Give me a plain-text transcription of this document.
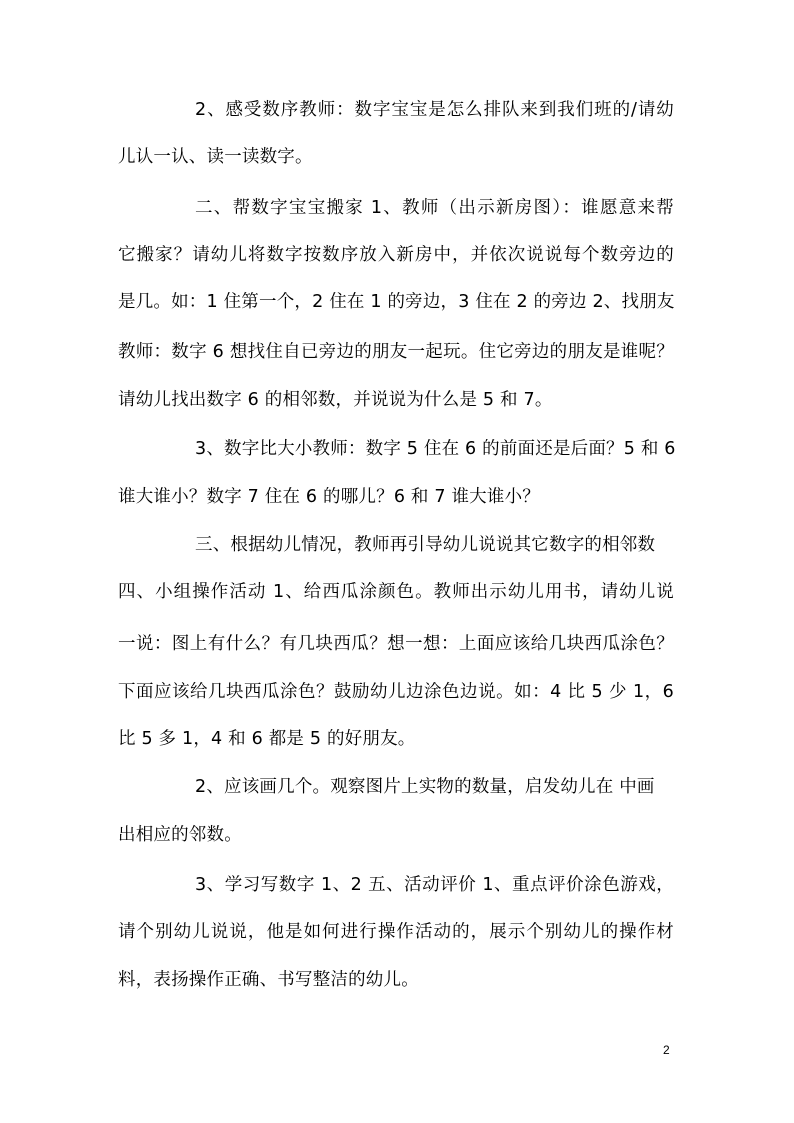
2、感受数序教师：数字宝宝是怎么排队来到我们班的/请幼
儿认一认、读一读数字。
二、帮数字宝宝搬家 1、教师（出示新房图）：谁愿意来帮
它搬家？请幼儿将数字按数序放入新房中，并依次说说每个数旁边的
是几。如：1 住第一个，2 住在 1 的旁边，3 住在 2 的旁边 2、找朋友
教师：数字 6 想找住自已旁边的朋友一起玩。住它旁边的朋友是谁呢？
请幼儿找出数字 6 的相邻数，并说说为什么是 5 和 7。
3、数字比大小教师：数字 5 住在 6 的前面还是后面？5 和 6
谁大谁小？数字 7 住在 6 的哪儿？6 和 7 谁大谁小？
三、根据幼儿情况，教师再引导幼儿说说其它数字的相邻数
四、小组操作活动 1、给西瓜涂颜色。教师出示幼儿用书，请幼儿说
一说：图上有什么？有几块西瓜？想一想：上面应该给几块西瓜涂色？
下面应该给几块西瓜涂色？鼓励幼儿边涂色边说。如：4 比 5 少 1，6
比 5 多 1，4 和 6 都是 5 的好朋友。
2、应该画几个。观察图片上实物的数量，启发幼儿在 中画
出相应的邻数。
3、学习写数字 1、2 五、活动评价 1、重点评价涂色游戏，
请个别幼儿说说，他是如何进行操作活动的，展示个别幼儿的操作材
料，表扬操作正确、书写整洁的幼儿。
2
